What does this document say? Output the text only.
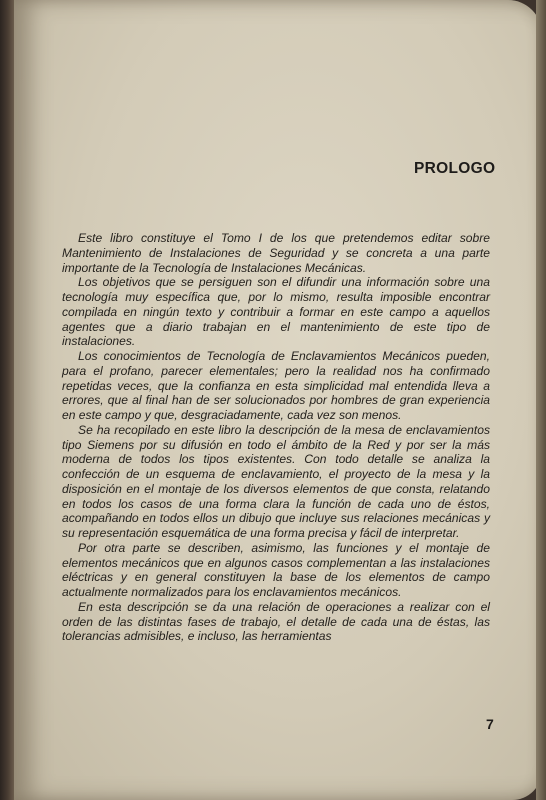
PROLOGO

Este libro constituye el Tomo I de los que pretendemos editar sobre Mantenimiento de Instalaciones de Seguridad y se concreta a una parte importante de la Tecnología de Instalaciones Mecánicas.

Los objetivos que se persiguen son el difundir una información sobre una tecnología muy específica que, por lo mismo, resulta imposible encontrar compilada en ningún texto y contribuir a formar en este campo a aquellos agentes que a diario trabajan en el mantenimiento de este tipo de instalaciones.

Los conocimientos de Tecnología de Enclavamientos Mecánicos pueden, para el profano, parecer elementales; pero la realidad nos ha confirmado repetidas veces, que la confianza en esta simplicidad mal entendida lleva a errores, que al final han de ser solucionados por hombres de gran experiencia en este campo y que, desgraciadamente, cada vez son menos.

Se ha recopilado en este libro la descripción de la mesa de enclavamientos tipo Siemens por su difusión en todo el ámbito de la Red y por ser la más moderna de todos los tipos existentes. Con todo detalle se analiza la confección de un esquema de enclavamiento, el proyecto de la mesa y la disposición en el montaje de los diversos elementos de que consta, relatando en todos los casos de una forma clara la función de cada uno de éstos, acompañando en todos ellos un dibujo que incluye sus relaciones mecánicas y su representación esquemática de una forma precisa y fácil de interpretar.

Por otra parte se describen, asimismo, las funciones y el montaje de elementos mecánicos que en algunos casos complementan a las instalaciones eléctricas y en general constituyen la base de los elementos de campo actualmente normalizados para los enclavamientos mecánicos.

En esta descripción se da una relación de operaciones a realizar con el orden de las distintas fases de trabajo, el detalle de cada una de éstas, las tolerancias admisibles, e incluso, las herramientas

7
